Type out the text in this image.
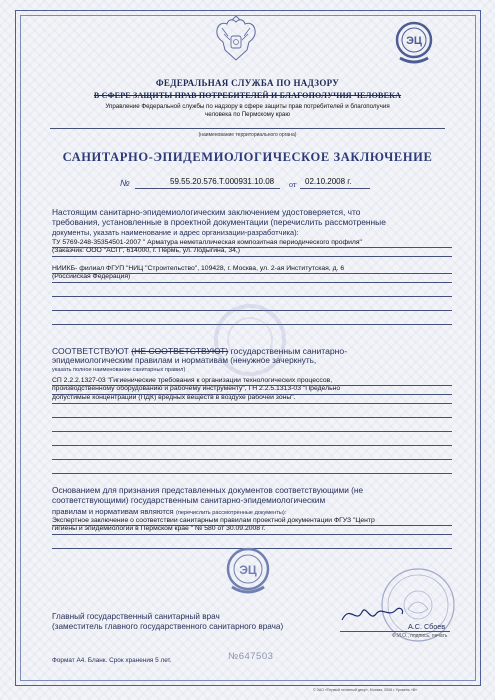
ЭЦ
ФЕДЕРАЛЬНАЯ СЛУЖБА ПО НАДЗОРУ
В СФЕРЕ ЗАЩИТЫ ПРАВ ПОТРЕБИТЕЛЕЙ И БЛАГОПОЛУЧИЯ ЧЕЛОВЕКА
Управление Федеральной службы по надзору в сфере защиты прав потребителей и благополучия
человека по Пермскому краю
(наименование территориального органа)
САНИТАРНО-ЭПИДЕМИОЛОГИЧЕСКОЕ ЗАКЛЮЧЕНИЕ
№	59.55.20.576.Т.000931.10.08 от 02.10.2008 г.
Настоящим санитарно-эпидемиологическим заключением удостоверяется, что
требования, установленные в проектной документации (перечислить рассмотренные
документы, указать наименование и адрес организации-разработчика):
ТУ 5769-248-35354501-2007 " Арматура неметаллическая композитная периодического профиля"
(Заказчик: ООО "АСП", 614000, г. Пермь, ул. Лодыгина, 34,)
НИИКБ- филиал ФГУП "НИЦ "Строительство", 109428, г. Москва, ул. 2-ая Институтская, д. 6
(Российская Федерация)
СООТВЕТСТВУЮТ (НЕ СООТВЕТСТВУЮТ) государственным санитарно-
эпидемиологическим правилам и нормативам (ненужное зачеркнуть,
указать полное наименование санитарных правил)
СП 2.2.2.1327-03 "Гигиенические требования к организации технологических процессов,
производственному оборудованию и рабочему инструменту", ГН 2.2.5.1313-03 "Предельно
допустимые концентрации (ПДК) вредных веществ в воздухе рабочей зоны".
Основанием для признания представленных документов соответствующими (не
соответствующими) государственным санитарно-эпидемиологическим
правилам и нормативам являются (перечислить рассмотренные документы):
Экспертное заключение о соответствии санитарным правилам проектной документации ФГУЗ "Центр
гигиены и эпидемиологии в Пермском крае " № 580 от 30.09.2008 г.
ЭЦ
Главный государственный санитарный врач
(заместитель главного государственного санитарного врача)	А.С. Сбоев
Ф.И.О., подпись, печать
Формат А4. Бланк. Срок хранения 5 лет.	№647503
© ЗАО «Первый печатный двор», Москва, 2008 г. Уровень «В»
